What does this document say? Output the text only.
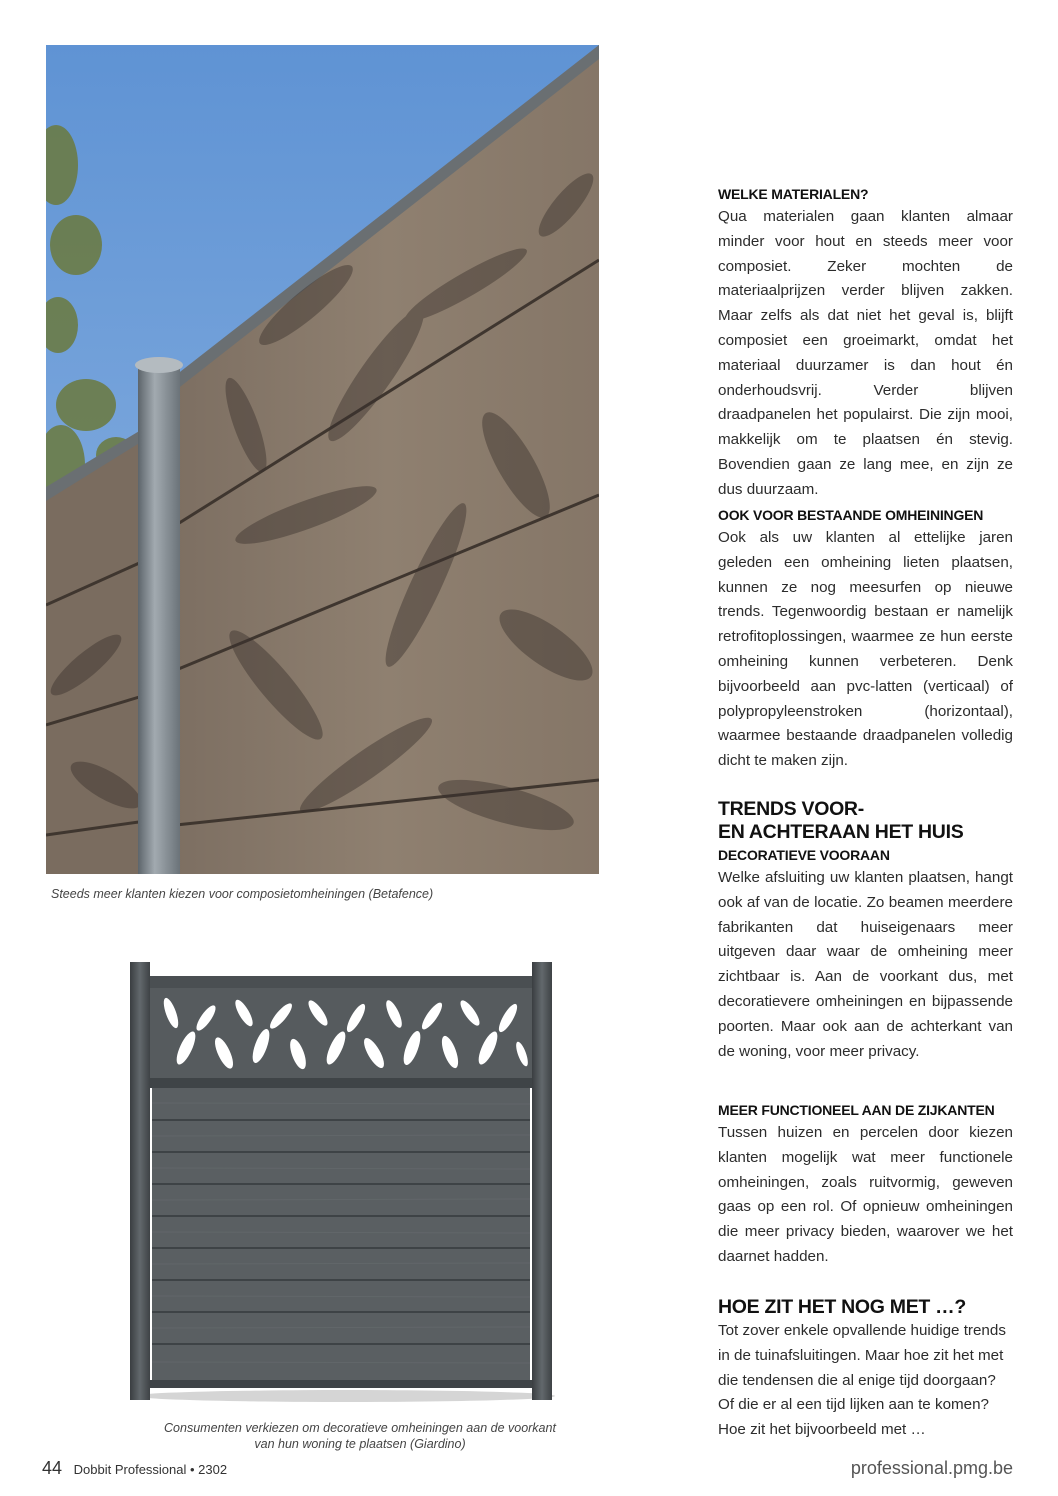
Steeds meer klanten kiezen voor composietomheiningen (Betafence)
Consumenten verkiezen om decoratieve omheiningen aan de voorkant
van hun woning te plaatsen (Giardino)
WELKE MATERIALEN?

Qua materialen gaan klanten almaar minder voor hout en steeds meer voor composiet. Zeker mochten de materiaalprijzen verder blijven zakken. Maar zelfs als dat niet het geval is, blijft composiet een groeimarkt, omdat het materiaal duurzamer is dan hout én onderhoudsvrij. Verder blijven draadpanelen het populairst. Die zijn mooi, makkelijk om te plaatsen én stevig. Bovendien gaan ze lang mee, en zijn ze dus duurzaam.

OOK VOOR BESTAANDE OMHEININGEN

Ook als uw klanten al ettelijke jaren geleden een omheining lieten plaatsen, kunnen ze nog meesurfen op nieuwe trends. Tegenwoordig bestaan er namelijk retrofitoplossingen, waarmee ze hun eerste omheining kunnen verbeteren. Denk bijvoorbeeld aan pvc-latten (verticaal) of polypropyleenstroken (horizontaal), waarmee bestaande draadpanelen volledig dicht te maken zijn.

TRENDS VOOR-
EN ACHTERAAN HET HUIS
DECORATIEVE VOORAAN

Welke afsluiting uw klanten plaatsen, hangt ook af van de locatie. Zo beamen meerdere fabrikanten dat huiseigenaars meer uitgeven daar waar de omheining meer zichtbaar is. Aan de voorkant dus, met decoratievere omheiningen en bijpassende poorten. Maar ook aan de achterkant van de woning, voor meer privacy.

MEER FUNCTIONEEL AAN DE ZIJKANTEN

Tussen huizen en percelen door kiezen klanten mogelijk wat meer functionele omheiningen, zoals ruitvormig, geweven gaas op een rol. Of opnieuw omheiningen die meer privacy bieden, waarover we het daarnet hadden.

HOE ZIT HET NOG MET …?

Tot zover enkele opvallende huidige trends in de tuinafsluitingen. Maar hoe zit het met die tendensen die al enige tijd doorgaan? Of die er al een tijd lijken aan te komen? Hoe zit het bijvoorbeeld met …

44 Dobbit Professional • 2302	professional.pmg.be
